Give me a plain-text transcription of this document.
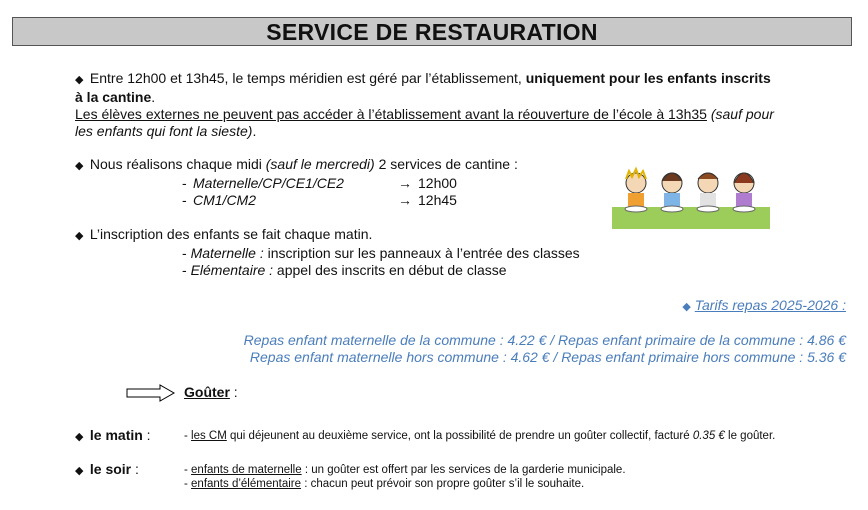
SERVICE DE RESTAURATION
◆ Entre 12h00 et 13h45, le temps méridien est géré par l’établissement, uniquement pour les enfants inscrits
à la cantine.
Les élèves externes ne peuvent pas accéder à l’établissement avant la réouverture de l’école à 13h35 (sauf pour
les enfants qui font la sieste).
◆ Nous réalisons chaque midi (sauf le mercredi) 2 services de cantine :
- Maternelle/CP/CE1/CE2	→ 12h00
- CM1/CM2	→ 12h45
◆ L’inscription des enfants se fait chaque matin.
- Maternelle : inscription sur les panneaux à l’entrée des classes
- Elémentaire : appel des inscrits en début de classe
◆ Tarifs repas 2025-2026 :
Repas enfant maternelle de la commune : 4.22 € / Repas enfant primaire de la commune : 4.86 €
Repas enfant maternelle hors commune : 4.62 € / Repas enfant primaire hors commune : 5.36 €
Goûter :
◆ le matin :	- les CM qui déjeunent au deuxième service, ont la possibilité de prendre un goûter collectif, facturé 0.35 € le goûter.
◆ le soir :	- enfants de maternelle : un goûter est offert par les services de la garderie municipale.
- enfants d’élémentaire : chacun peut prévoir son propre goûter s’il le souhaite.
